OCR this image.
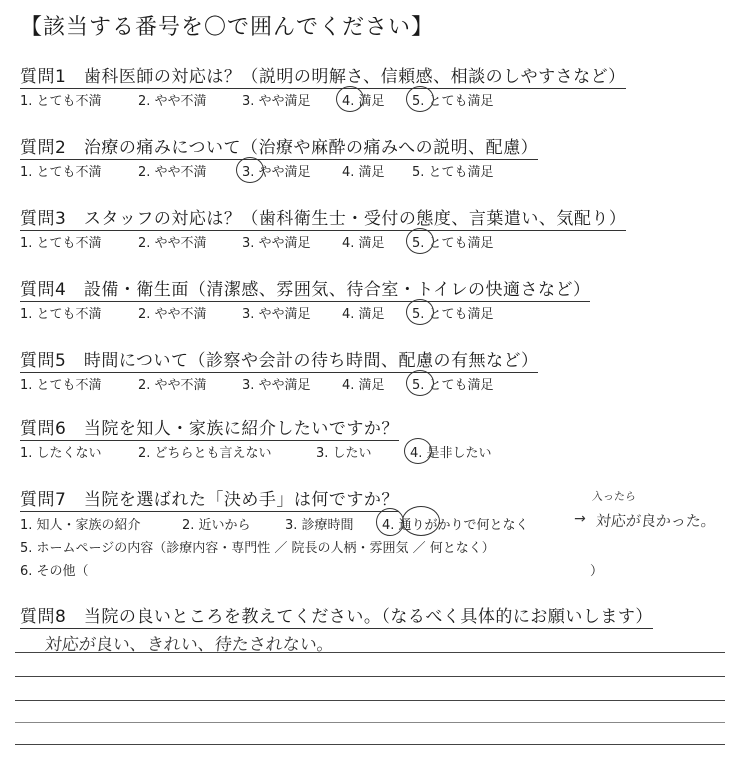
【該当する番号を〇で囲んでください】
質問1　歯科医師の対応は？（説明の明解さ、信頼感、相談のしやすさなど）
1. とても不満	2. やや不満	3. やや満足 4. 満足 5. とても満足
質問2　治療の痛みについて（治療や麻酔の痛みへの説明、配慮）
1. とても不満	2. やや不満	3. やや満足 4. 満足 5. とても満足
質問3　スタッフの対応は？（歯科衛生士・受付の態度、言葉遣い、気配り）
1. とても不満	2. やや不満	3. やや満足 4. 満足 5. とても満足
質問4　設備・衛生面（清潔感、雰囲気、待合室・トイレの快適さなど）
1. とても不満	2. やや不満	3. やや満足 4. 満足 5. とても満足
質問5　時間について（診察や会計の待ち時間、配慮の有無など）
1. とても不満	2. やや不満	3. やや満足 4. 満足 5. とても満足
質問6　当院を知人・家族に紹介したいですか？
1. したくない	2. どちらとも言えない	3. したい	4. 是非したい
質問7　当院を選ばれた「決め手」は何ですか？
1. 知人・家族の紹介	2. 近いから	3. 診療時間 4. 通りがかりで何となく	→
入ったら
対応が良かった。
5. ホームページの内容（診療内容・専門性 ／ 院長の人柄・雰囲気 ／ 何となく）
6. その他（	）
質問8　当院の良いところを教えてください。（なるべく具体的にお願いします）
対応が良い、きれい、待たされない。
